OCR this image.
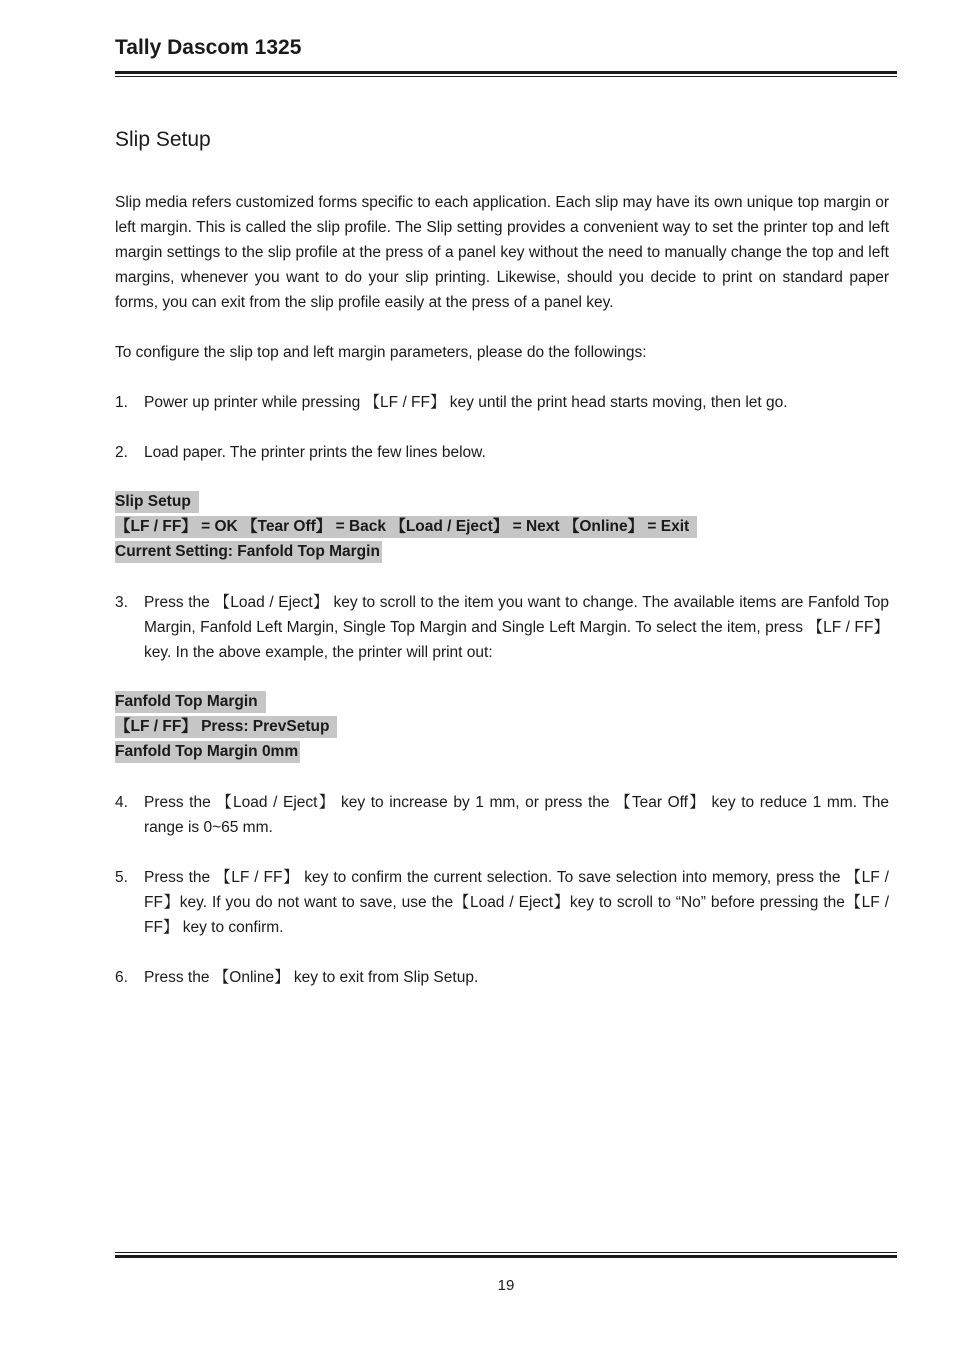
Tally Dascom 1325
Slip Setup

Slip media refers customized forms specific to each application. Each slip may have its own unique top margin or left margin. This is called the slip profile. The Slip setting provides a convenient way to set the printer top and left margin settings to the slip profile at the press of a panel key without the need to manually change the top and left margins, whenever you want to do your slip printing. Likewise, should you decide to print on standard paper forms, you can exit from the slip profile easily at the press of a panel key.

To configure the slip top and left margin parameters, please do the followings:

1. Power up printer while pressing 【LF / FF】 key until the print head starts moving, then let go.
2. Load paper. The printer prints the few lines below.
Slip Setup
【LF / FF】 = OK 【Tear Off】 = Back 【Load / Eject】 = Next 【Online】 = Exit
Current Setting: Fanfold Top Margin
3. Press the 【Load / Eject】 key to scroll to the item you want to change. The available items are Fanfold Top Margin, Fanfold Left Margin, Single Top Margin and Single Left Margin. To select the item, press 【LF / FF】 key. In the above example, the printer will print out:
Fanfold Top Margin
【LF / FF】 Press: PrevSetup
Fanfold Top Margin 0mm
4. Press the 【Load / Eject】 key to increase by 1 mm, or press the 【Tear Off】 key to reduce 1 mm. The range is 0~65 mm.
5. Press the 【LF / FF】 key to confirm the current selection. To save selection into memory, press the 【LF / FF】key. If you do not want to save, use the【Load / Eject】key to scroll to “No” before pressing the【LF / FF】 key to confirm.
6. Press the 【Online】 key to exit from Slip Setup.
19
